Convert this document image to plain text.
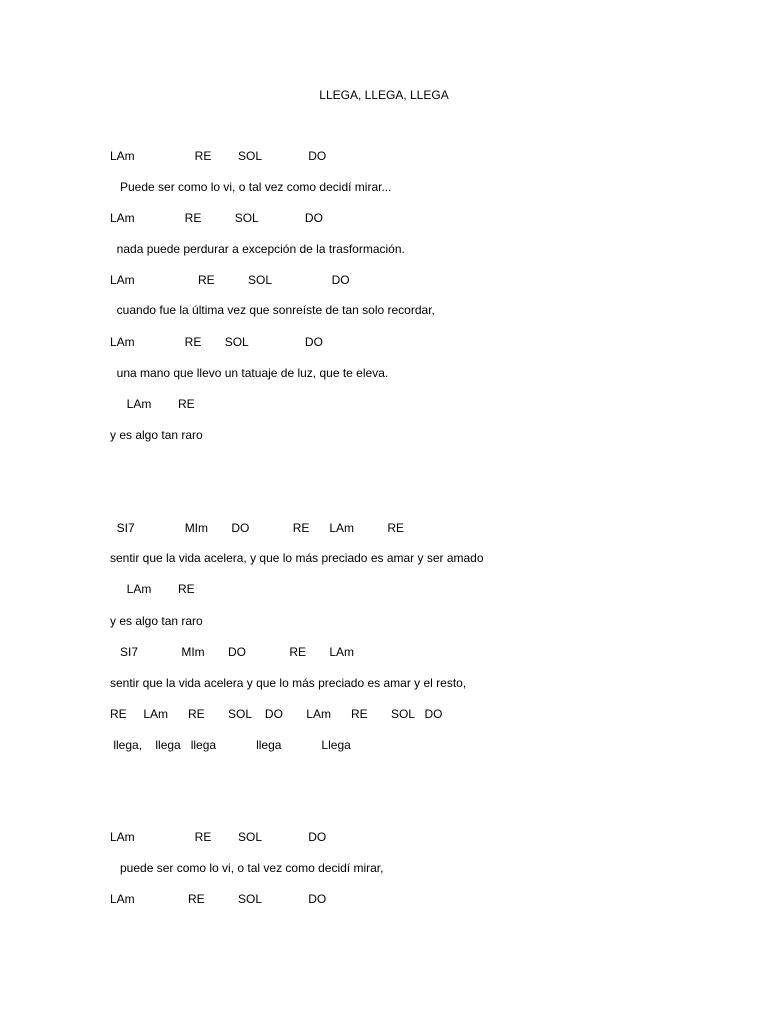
LLEGA, LLEGA, LLEGA
LAm                  RE        SOL              DO
Puede ser como lo vi, o tal vez como decidí mirar...
LAm               RE          SOL              DO
nada puede perdurar a excepción de la trasformación.
LAm                   RE          SOL                  DO
cuando fue la última vez que sonreíste de tan solo recordar,
LAm               RE       SOL                 DO
una mano que llevo un tatuaje de luz, que te eleva.
LAm        RE
y es algo tan raro
SI7               MIm       DO             RE      LAm          RE
sentir que la vida acelera, y que lo más preciado es amar y ser amado
LAm        RE
y es algo tan raro
SI7             MIm       DO             RE       LAm
sentir que la vida acelera y que lo más preciado es amar y el resto,
RE     LAm      RE       SOL    DO       LAm      RE       SOL   DO
llega,    llega   llega            llega            Llega
LAm                  RE        SOL              DO
puede ser como lo vi, o tal vez como decidí mirar,
LAm                RE          SOL              DO
